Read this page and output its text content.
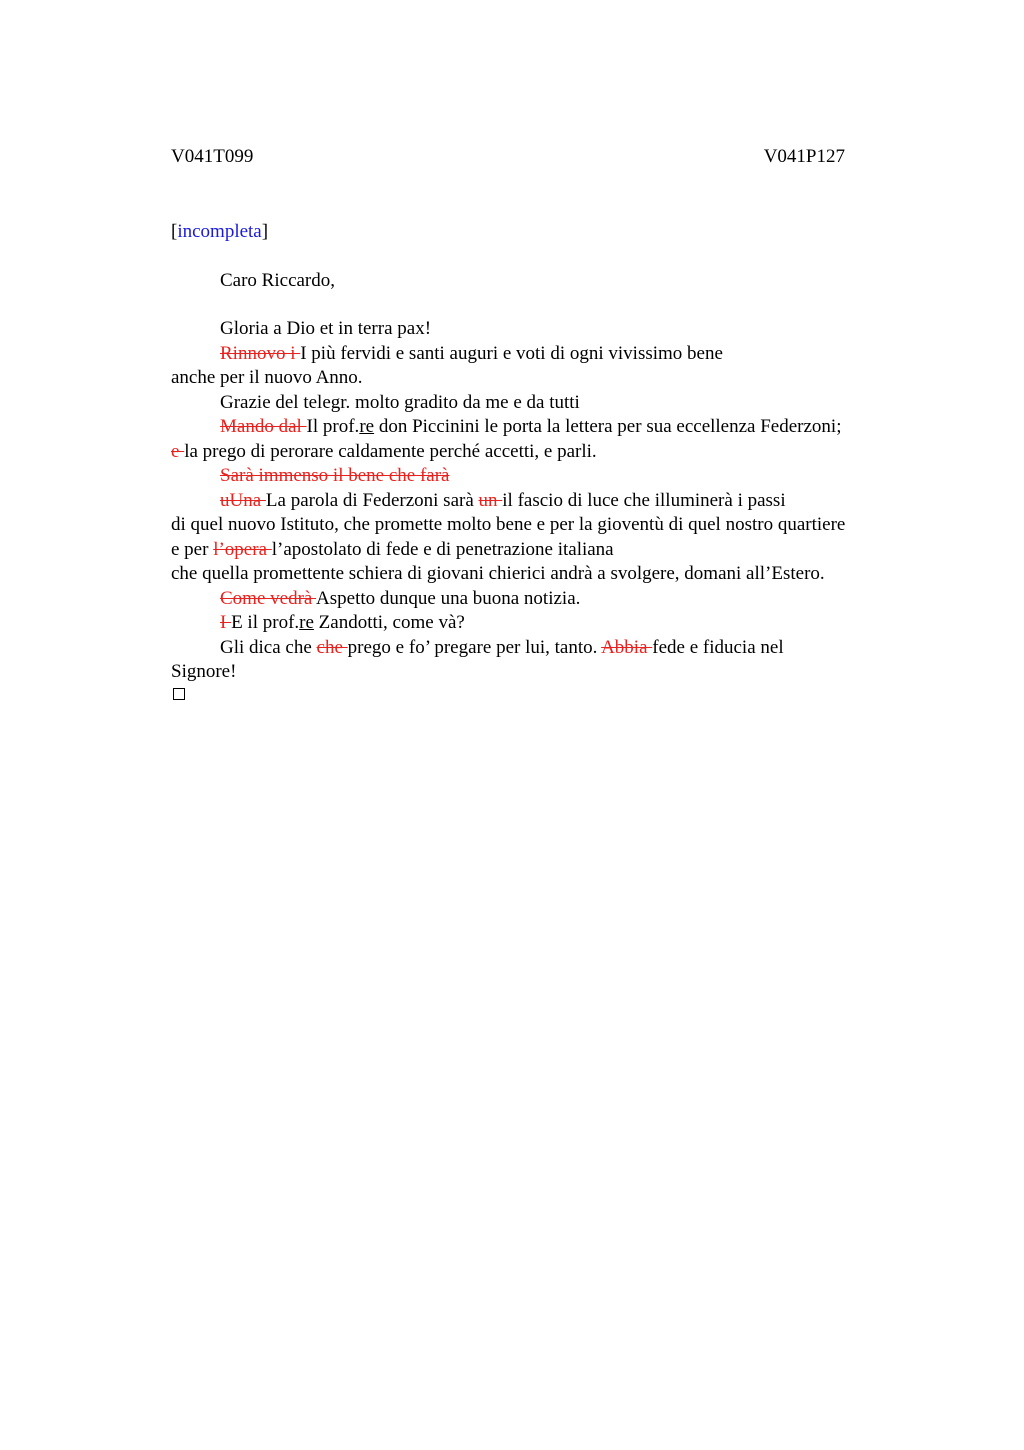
V041T099	V041P127
[incompleta]
Caro Riccardo,
Gloria a Dio et in terra pax!
Rinnovo i I più fervidi e santi auguri e voti di ogni vivissimo bene
anche per il nuovo Anno.
Grazie del telegr. molto gradito da me e da tutti
Mando dal Il prof.re don Piccinini le porta la lettera per sua eccellenza Federzoni;
e la prego di perorare caldamente perché accetti, e parli.
Sarà immenso il bene che farà
uUna La parola di Federzoni sarà un il fascio di luce che illuminerà i passi
di quel nuovo Istituto, che promette molto bene e per la gioventù di quel nostro quartiere
e per l’opera l’apostolato di fede e di penetrazione italiana
che quella promettente schiera di giovani chierici andrà a svolgere, domani all’Estero.
Come vedrà Aspetto dunque una buona notizia.
I E il prof.re Zandotti, come và?
Gli dica che che prego e fo’ pregare per lui, tanto. Abbia fede e fiducia nel
Signore!
